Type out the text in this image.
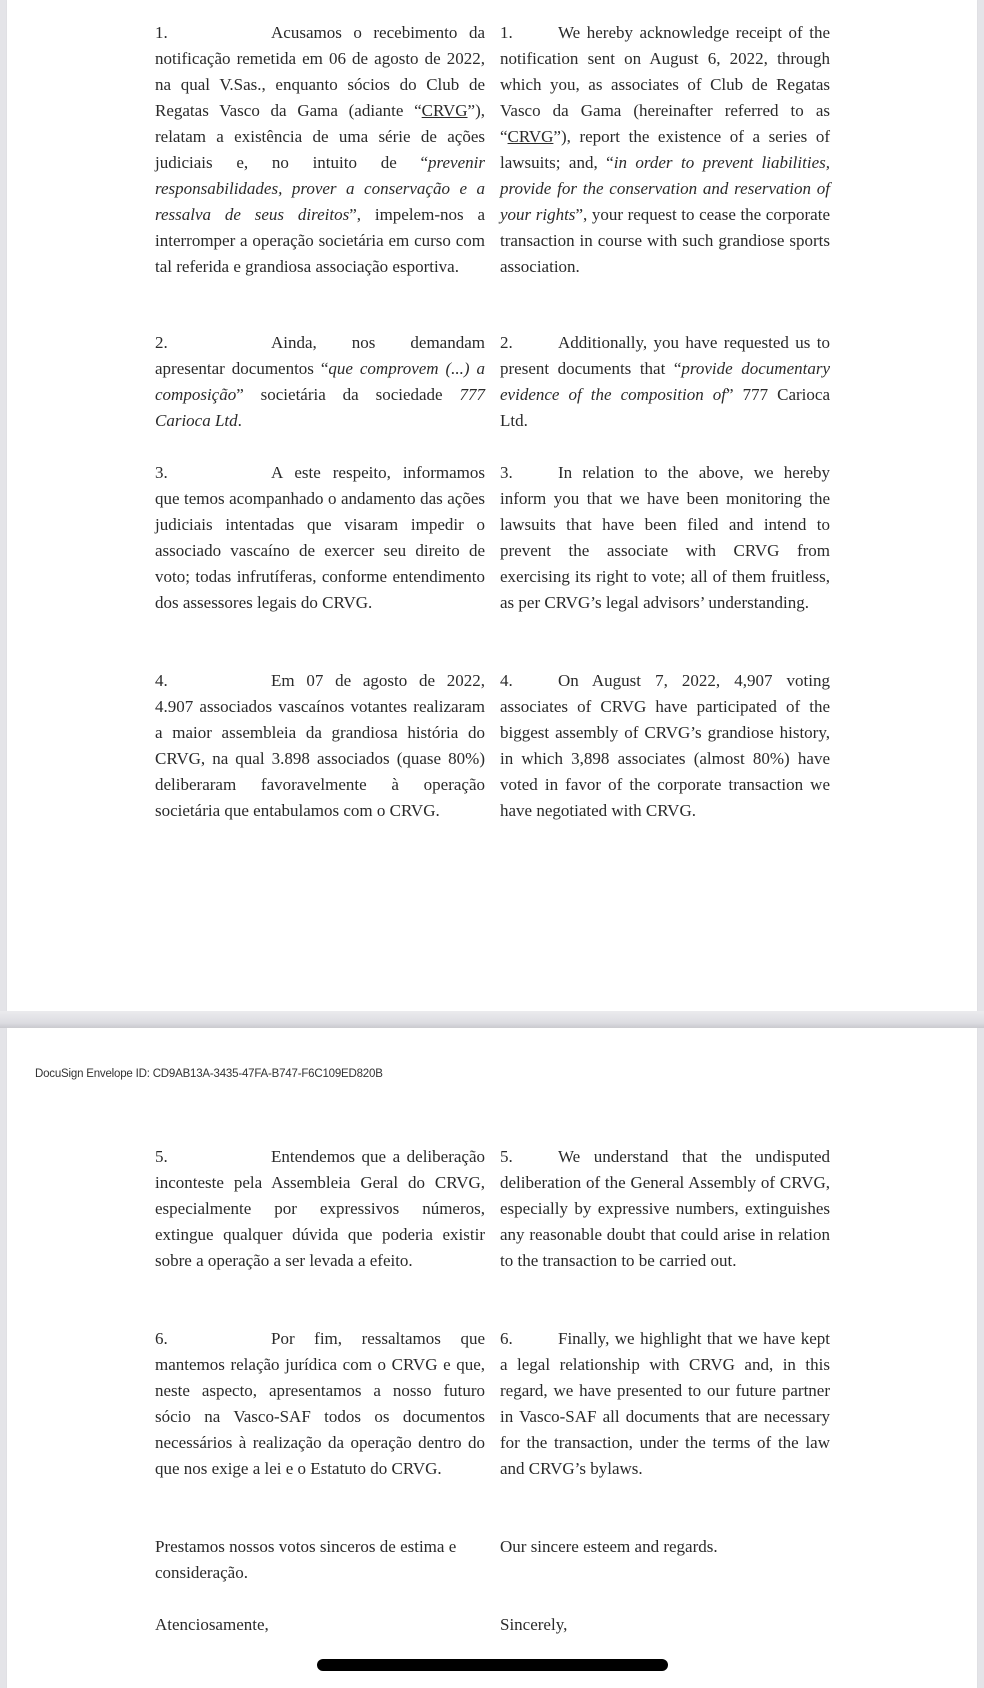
1.	Acusamos o recebimento da notificação remetida em 06 de agosto de 2022, na qual V.Sas., enquanto sócios do Club de Regatas Vasco da Gama (adiante “CRVG”), relatam a existência de uma série de ações judiciais e, no intuito de “prevenir responsabilidades, prover a conservação e a ressalva de seus direitos”, impelem-nos a interromper a operação societária em curso com tal referida e grandiosa associação esportiva.

2.	Ainda, nos demandam apresentar documentos “que comprovem (...) a composição” societária da sociedade 777 Carioca Ltd.

3.	A este respeito, informamos que temos acompanhado o andamento das ações judiciais intentadas que visaram impedir o associado vascaíno de exercer seu direito de voto; todas infrutíferas, conforme entendimento dos assessores legais do CRVG.

4.	Em 07 de agosto de 2022, 4.907 associados vascaínos votantes realizaram a maior assembleia da grandiosa história do CRVG, na qual 3.898 associados (quase 80%) deliberaram favoravelmente à operação societária que entabulamos com o CRVG.

1.	We hereby acknowledge receipt of the notification sent on August 6, 2022, through which you, as associates of Club de Regatas Vasco da Gama (hereinafter referred to as “CRVG”), report the existence of a series of lawsuits; and, “in order to prevent liabilities, provide for the conservation and reservation of your rights”, your request to cease the corporate transaction in course with such grandiose sports association.

2.	Additionally, you have requested us to present documents that “provide documentary evidence of the composition of” 777 Carioca Ltd.

3.	In relation to the above, we hereby inform you that we have been monitoring the lawsuits that have been filed and intend to prevent the associate with CRVG from exercising its right to vote; all of them fruitless, as per CRVG’s legal advisors’ understanding.

4.	On August 7, 2022, 4,907 voting associates of CRVG have participated of the biggest assembly of CRVG’s grandiose history, in which 3,898 associates (almost 80%) have voted in favor of the corporate transaction we have negotiated with CRVG.

DocuSign Envelope ID: CD9AB13A-3435-47FA-B747-F6C109ED820B

5.	Entendemos que a deliberação inconteste pela Assembleia Geral do CRVG, especialmente por expressivos números, extingue qualquer dúvida que poderia existir sobre a operação a ser levada a efeito.

6.	Por fim, ressaltamos que mantemos relação jurídica com o CRVG e que, neste aspecto, apresentamos a nosso futuro sócio na Vasco-SAF todos os documentos necessários à realização da operação dentro do que nos exige a lei e o Estatuto do CRVG.

Prestamos nossos votos sinceros de estima e consideração.

Atenciosamente,

5.	We understand that the undisputed deliberation of the General Assembly of CRVG, especially by expressive numbers, extinguishes any reasonable doubt that could arise in relation to the transaction to be carried out.

6.	Finally, we highlight that we have kept a legal relationship with CRVG and, in this regard, we have presented to our future partner in Vasco-SAF all documents that are necessary for the transaction, under the terms of the law and CRVG’s bylaws.

Our sincere esteem and regards.

Sincerely,
